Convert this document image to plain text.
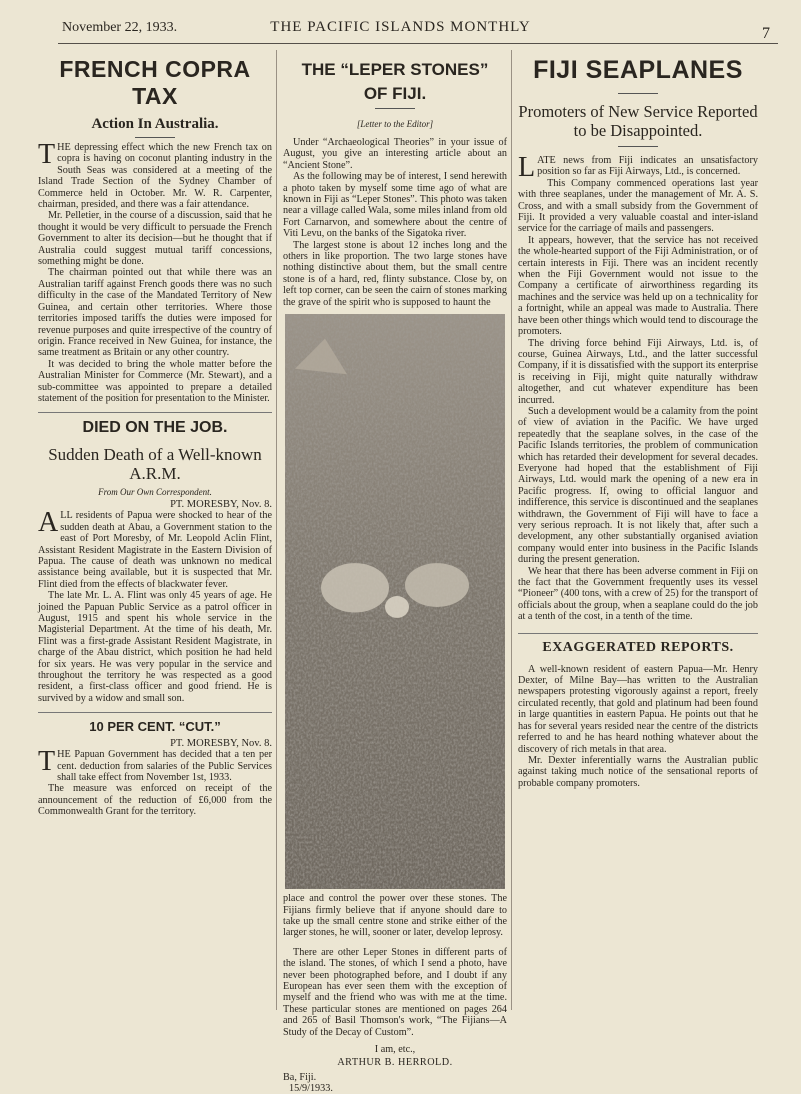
November 22, 1933.	THE PACIFIC ISLANDS MONTHLY	7
FRENCH COPRA TAX
Action In Australia.

THE depressing effect which the new French tax on copra is having on coconut planting industry in the South Seas was considered at a meeting of the Island Trade Section of the Sydney Chamber of Commerce held in October. Mr. W. R. Carpenter, chairman, presided, and there was a fair attendance.

Mr. Pelletier, in the course of a discussion, said that he thought it would be very difficult to persuade the French Government to alter its decision—but he thought that if Australia could suggest mutual tariff concessions, something might be done.

The chairman pointed out that while there was an Australian tariff against French goods there was no such difficulty in the case of the Mandated Territory of New Guinea, and certain other territories. Where those territories imposed tariffs the duties were imposed for revenue purposes and quite irrespective of the country of origin. France received in New Guinea, for instance, the same treatment as Britain or any other country.

It was decided to bring the whole matter before the Australian Minister for Commerce (Mr. Stewart), and a sub-committee was appointed to prepare a detailed statement of the position for presentation to the Minister.

DIED ON THE JOB.
Sudden Death of a Well-known A.R.M.
From Our Own Correspondent.
PT. MORESBY, Nov. 8.

ALL residents of Papua were shocked to hear of the sudden death at Abau, a Government station to the east of Port Moresby, of Mr. Leopold Aclin Flint, Assistant Resident Magistrate in the Eastern Division of Papua. The cause of death was unknown no medical assistance being available, but it is suspected that Mr. Flint died from the effects of blackwater fever.

The late Mr. L. A. Flint was only 45 years of age. He joined the Papuan Public Service as a patrol officer in August, 1915 and spent his whole service in the Magisterial Department. At the time of his death, Mr. Flint was a first-grade Assistant Resident Magistrate, in charge of the Abau district, which position he had held for six years. He was very popular in the service and throughout the territory he was respected as a good resident, a first-class officer and good friend. He is survived by a widow and small son.

10 PER CENT. “CUT.”
PT. MORESBY, Nov. 8.

THE Papuan Government has decided that a ten per cent. deduction from salaries of the Public Services shall take effect from November 1st, 1933.

The measure was enforced on receipt of the announcement of the reduction of £6,000 from the Commonwealth Grant for the territory.

THE “LEPER STONES”
OF FIJI.
[Letter to the Editor]

Under “Archaeological Theories” in your issue of August, you give an interesting article about an “Ancient Stone”.

As the following may be of interest, I send herewith a photo taken by myself some time ago of what are known in Fiji as “Leper Stones”. This photo was taken near a village called Wala, some miles inland from old Fort Carnarvon, and somewhere about the centre of Viti Levu, on the banks of the Sigatoka river.

The largest stone is about 12 inches long and the others in like proportion. The two large stones have nothing distinctive about them, but the small centre stone is of a hard, red, flinty substance. Close by, on left top corner, can be seen the cairn of stones marking the grave of the spirit who is supposed to haunt the

place and control the power over these stones. The Fijians firmly believe that if anyone should dare to take up the small centre stone and strike either of the larger stones, he will, sooner or later, develop leprosy.

There are other Leper Stones in different parts of the island. The stones, of which I send a photo, have never been photographed before, and I doubt if any European has ever seen them with the exception of myself and the friend who was with me at the time. These particular stones are mentioned on pages 264 and 265 of Basil Thomson's work, “The Fijians—A Study of the Decay of Custom”.

I am, etc.,
ARTHUR B. HERROLD.
Ba, Fiji.
15/9/1933.
FIJI SEAPLANES
Promoters of New Service Reported to be Disappointed.

LATE news from Fiji indicates an unsatisfactory position so far as Fiji Airways, Ltd., is concerned.

This Company commenced operations last year with three seaplanes, under the management of Mr. A. S. Cross, and with a small subsidy from the Government of Fiji. It provided a very valuable coastal and inter-island service for the carriage of mails and passengers.

It appears, however, that the service has not received the whole-hearted support of the Fiji Administration, or of certain interests in Fiji. There was an incident recently when the Fiji Government would not issue to the Company a certificate of airworthiness regarding its machines and the service was held up on a technicality for a fortnight, while an appeal was made to Australia. There have been other things which would tend to discourage the promoters.

The driving force behind Fiji Airways, Ltd. is, of course, Guinea Airways, Ltd., and the latter successful Company, if it is dissatisfied with the support its enterprise is receiving in Fiji, might quite naturally withdraw altogether, and cut whatever expenditure has been incurred.

Such a development would be a calamity from the point of view of aviation in the Pacific. We have urged repeatedly that the seaplane solves, in the case of the Pacific Islands territories, the problem of communication which has retarded their development for several decades. Everyone had hoped that the establishment of Fiji Airways, Ltd. would mark the opening of a new era in Pacific progress. If, owing to official languor and indifference, this service is discontinued and the seaplanes withdrawn, the Government of Fiji will have to face a very serious reproach. It is not likely that, after such a development, any other substantially organised aviation company would enter into business in the Pacific Islands during the present generation.

We hear that there has been adverse comment in Fiji on the fact that the Government frequently uses its vessel “Pioneer” (400 tons, with a crew of 25) for the transport of officials about the group, when a seaplane could do the job at a tenth of the cost, in a tenth of the time.

EXAGGERATED REPORTS.

A well-known resident of eastern Papua—Mr. Henry Dexter, of Milne Bay—has written to the Australian newspapers protesting vigorously against a report, freely circulated recently, that gold and platinum had been found in large quantities in eastern Papua. He points out that he has for several years resided near the centre of the districts referred to and he has heard nothing whatever about the discovery of rich metals in that area.

Mr. Dexter inferentially warns the Australian public against taking much notice of the sensational reports of probable company promoters.
